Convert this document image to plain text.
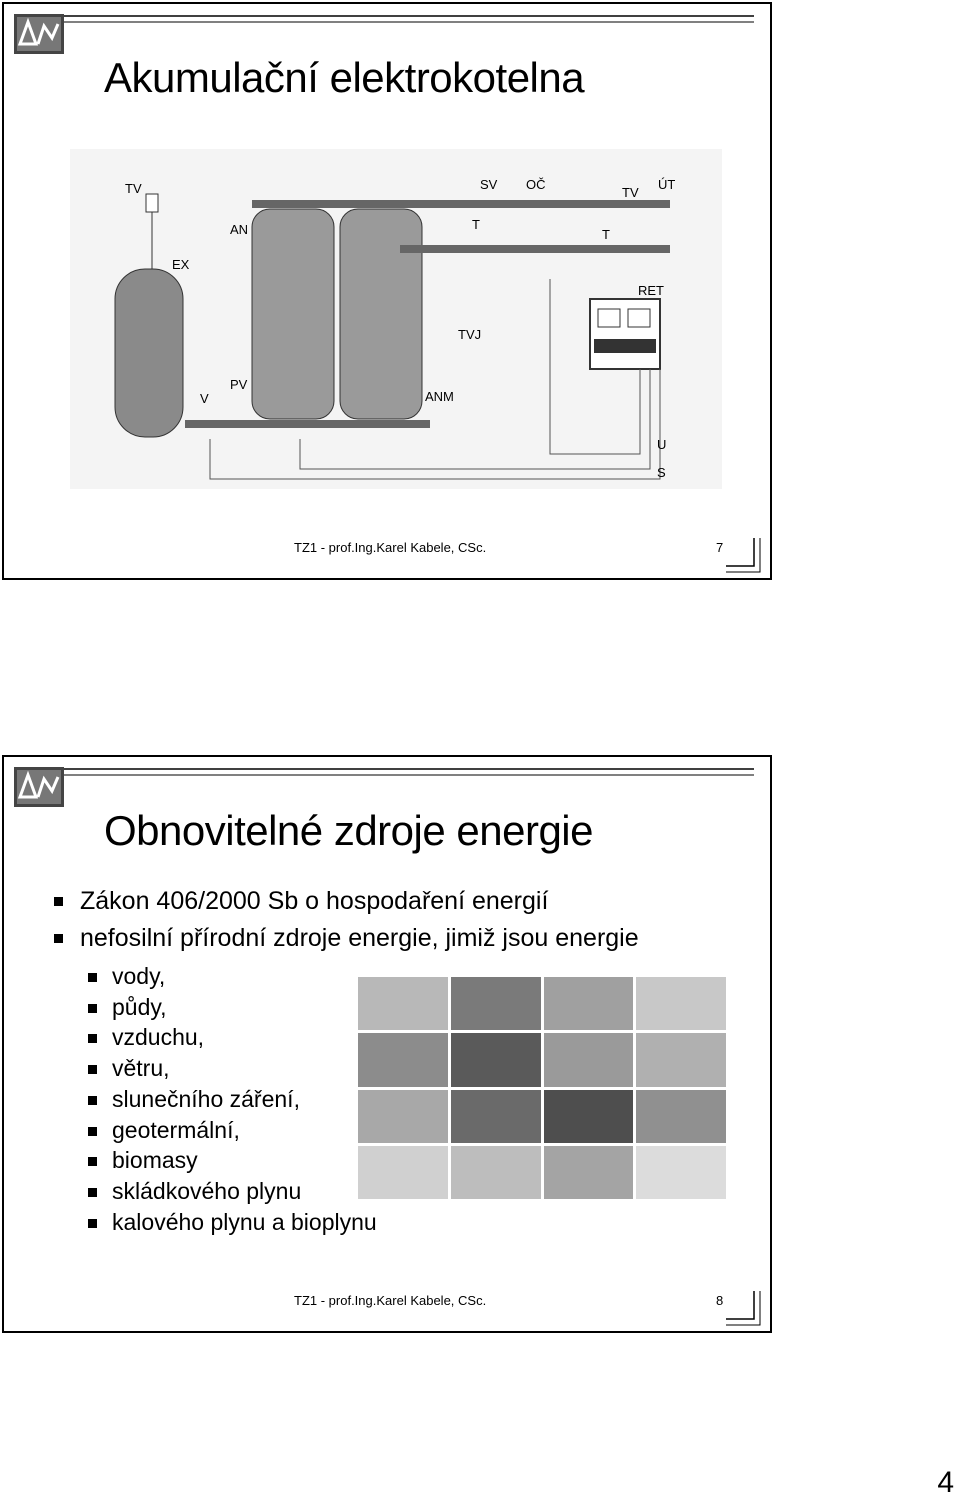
Akumulační elektrokotelna
TV
AN
EX
V
PV
SV OČ
TV
ÚT
T
T
RET
TVJ
ANM
U
S
TZ1 - prof.Ing.Karel Kabele, CSc.	7
Obnovitelné zdroje energie
Zákon 406/2000 Sb o hospodaření energií
nefosilní přírodní zdroje energie, jimiž jsou energie
vody,
půdy,
vzduchu,
větru,
slunečního záření,
geotermální,
biomasy
skládkového plynu
kalového plynu a bioplynu
TZ1 - prof.Ing.Karel Kabele, CSc.	8
4
